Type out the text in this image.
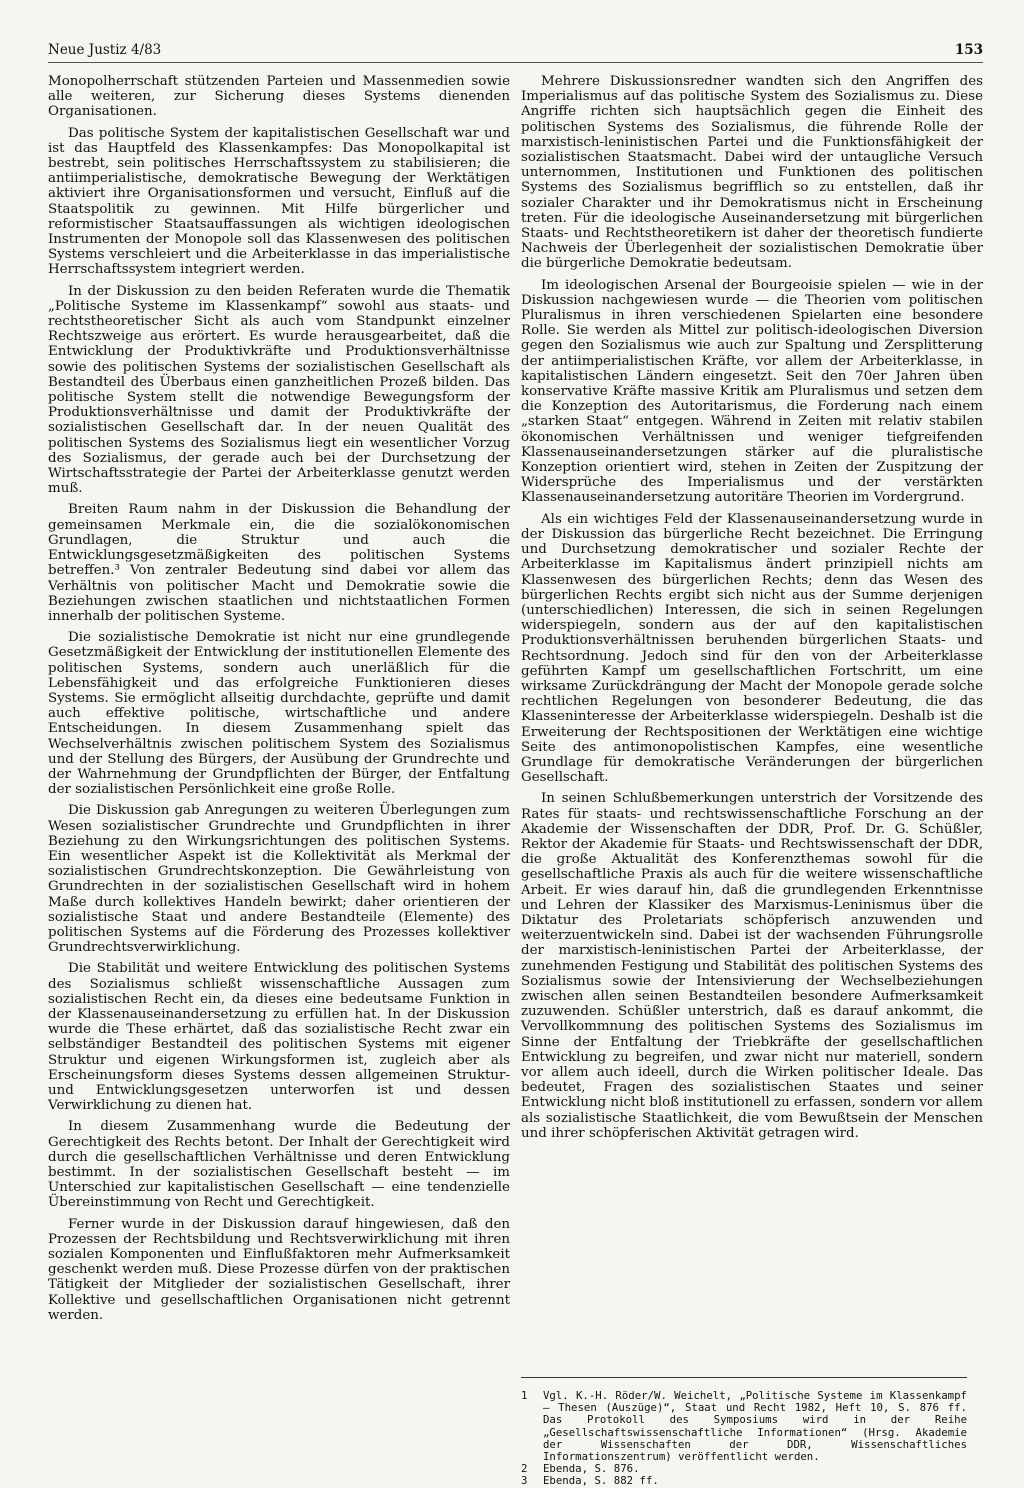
Neue Justiz 4/83	153

Monopolherrschaft stützenden Parteien und Massenmedien sowie alle weiteren, zur Sicherung dieses Systems dienenden Organisationen.

Das politische System der kapitalistischen Gesellschaft war und ist das Hauptfeld des Klassenkampfes: Das Monopolkapital ist bestrebt, sein politisches Herrschaftssystem zu stabilisieren; die antiimperialistische, demokratische Bewegung der Werktätigen aktiviert ihre Organisationsformen und versucht, Einfluß auf die Staatspolitik zu gewinnen. Mit Hilfe bürgerlicher und reformistischer Staatsauffassungen als wichtigen ideologischen Instrumenten der Monopole soll das Klassenwesen des politischen Systems verschleiert und die Arbeiterklasse in das imperialistische Herrschaftssystem integriert werden.

In der Diskussion zu den beiden Referaten wurde die Thematik „Politische Systeme im Klassenkampf“ sowohl aus staats- und rechtstheoretischer Sicht als auch vom Standpunkt einzelner Rechtszweige aus erörtert. Es wurde herausgearbeitet, daß die Entwicklung der Produktivkräfte und Produktionsverhältnisse sowie des politischen Systems der sozialistischen Gesellschaft als Bestandteil des Überbaus einen ganzheitlichen Prozeß bilden. Das politische System stellt die notwendige Bewegungsform der Produktionsverhältnisse und damit der Produktivkräfte der sozialistischen Gesellschaft dar. In der neuen Qualität des politischen Systems des Sozialismus liegt ein wesentlicher Vorzug des Sozialismus, der gerade auch bei der Durchsetzung der Wirtschaftsstrategie der Partei der Arbeiterklasse genutzt werden muß.

Breiten Raum nahm in der Diskussion die Behandlung der gemeinsamen Merkmale ein, die die sozialökonomischen Grundlagen, die Struktur und auch die Entwicklungsgesetzmäßigkeiten des politischen Systems betreffen.³ Von zentraler Bedeutung sind dabei vor allem das Verhältnis von politischer Macht und Demokratie sowie die Beziehungen zwischen staatlichen und nichtstaatlichen Formen innerhalb der politischen Systeme.

Die sozialistische Demokratie ist nicht nur eine grundlegende Gesetzmäßigkeit der Entwicklung der institutionellen Elemente des politischen Systems, sondern auch unerläßlich für die Lebensfähigkeit und das erfolgreiche Funktionieren dieses Systems. Sie ermöglicht allseitig durchdachte, geprüfte und damit auch effektive politische, wirtschaftliche und andere Entscheidungen. In diesem Zusammenhang spielt das Wechselverhältnis zwischen politischem System des Sozialismus und der Stellung des Bürgers, der Ausübung der Grundrechte und der Wahrnehmung der Grundpflichten der Bürger, der Entfaltung der sozialistischen Persönlichkeit eine große Rolle.

Die Diskussion gab Anregungen zu weiteren Überlegungen zum Wesen sozialistischer Grundrechte und Grundpflichten in ihrer Beziehung zu den Wirkungsrichtungen des politischen Systems. Ein wesentlicher Aspekt ist die Kollektivität als Merkmal der sozialistischen Grundrechtskonzeption. Die Gewährleistung von Grundrechten in der sozialistischen Gesellschaft wird in hohem Maße durch kollektives Handeln bewirkt; daher orientieren der sozialistische Staat und andere Bestandteile (Elemente) des politischen Systems auf die Förderung des Prozesses kollektiver Grundrechtsverwirklichung.

Die Stabilität und weitere Entwicklung des politischen Systems des Sozialismus schließt wissenschaftliche Aussagen zum sozialistischen Recht ein, da dieses eine bedeutsame Funktion in der Klassenauseinandersetzung zu erfüllen hat. In der Diskussion wurde die These erhärtet, daß das sozialistische Recht zwar ein selbständiger Bestandteil des politischen Systems mit eigener Struktur und eigenen Wirkungsformen ist, zugleich aber als Erscheinungsform dieses Systems dessen allgemeinen Struktur- und Entwicklungsgesetzen unterworfen ist und dessen Verwirklichung zu dienen hat.

In diesem Zusammenhang wurde die Bedeutung der Gerechtigkeit des Rechts betont. Der Inhalt der Gerechtigkeit wird durch die gesellschaftlichen Verhältnisse und deren Entwicklung bestimmt. In der sozialistischen Gesellschaft besteht — im Unterschied zur kapitalistischen Gesellschaft — eine tendenzielle Übereinstimmung von Recht und Gerechtigkeit.

Ferner wurde in der Diskussion darauf hingewiesen, daß den Prozessen der Rechtsbildung und Rechtsverwirklichung mit ihren sozialen Komponenten und Einflußfaktoren mehr Aufmerksamkeit geschenkt werden muß. Diese Prozesse dürfen von der praktischen Tätigkeit der Mitglieder der sozialistischen Gesellschaft, ihrer Kollektive und gesellschaftlichen Organisationen nicht getrennt werden.

Mehrere Diskussionsredner wandten sich den Angriffen des Imperialismus auf das politische System des Sozialismus zu. Diese Angriffe richten sich hauptsächlich gegen die Einheit des politischen Systems des Sozialismus, die führende Rolle der marxistisch-leninistischen Partei und die Funktionsfähigkeit der sozialistischen Staatsmacht. Dabei wird der untaugliche Versuch unternommen, Institutionen und Funktionen des politischen Systems des Sozialismus begrifflich so zu entstellen, daß ihr sozialer Charakter und ihr Demokratismus nicht in Erscheinung treten. Für die ideologische Auseinandersetzung mit bürgerlichen Staats- und Rechtstheoretikern ist daher der theoretisch fundierte Nachweis der Überlegenheit der sozialistischen Demokratie über die bürgerliche Demokratie bedeutsam.

Im ideologischen Arsenal der Bourgeoisie spielen — wie in der Diskussion nachgewiesen wurde — die Theorien vom politischen Pluralismus in ihren verschiedenen Spielarten eine besondere Rolle. Sie werden als Mittel zur politisch-ideologischen Diversion gegen den Sozialismus wie auch zur Spaltung und Zersplitterung der antiimperialistischen Kräfte, vor allem der Arbeiterklasse, in kapitalistischen Ländern eingesetzt. Seit den 70er Jahren üben konservative Kräfte massive Kritik am Pluralismus und setzen dem die Konzeption des Autoritarismus, die Forderung nach einem „starken Staat“ entgegen. Während in Zeiten mit relativ stabilen ökonomischen Verhältnissen und weniger tiefgreifenden Klassenauseinandersetzungen stärker auf die pluralistische Konzeption orientiert wird, stehen in Zeiten der Zuspitzung der Widersprüche des Imperialismus und der verstärkten Klassenauseinandersetzung autoritäre Theorien im Vordergrund.

Als ein wichtiges Feld der Klassenauseinandersetzung wurde in der Diskussion das bürgerliche Recht bezeichnet. Die Erringung und Durchsetzung demokratischer und sozialer Rechte der Arbeiterklasse im Kapitalismus ändert prinzipiell nichts am Klassenwesen des bürgerlichen Rechts; denn das Wesen des bürgerlichen Rechts ergibt sich nicht aus der Summe derjenigen (unterschiedlichen) Interessen, die sich in seinen Regelungen widerspiegeln, sondern aus der auf den kapitalistischen Produktionsverhältnissen beruhenden bürgerlichen Staats- und Rechtsordnung. Jedoch sind für den von der Arbeiterklasse geführten Kampf um gesellschaftlichen Fortschritt, um eine wirksame Zurückdrängung der Macht der Monopole gerade solche rechtlichen Regelungen von besonderer Bedeutung, die das Klasseninteresse der Arbeiterklasse widerspiegeln. Deshalb ist die Erweiterung der Rechtspositionen der Werktätigen eine wichtige Seite des antimonopolistischen Kampfes, eine wesentliche Grundlage für demokratische Veränderungen der bürgerlichen Gesellschaft.

In seinen Schlußbemerkungen unterstrich der Vorsitzende des Rates für staats- und rechtswissenschaftliche Forschung an der Akademie der Wissenschaften der DDR, Prof. Dr. G. Schüßler, Rektor der Akademie für Staats- und Rechtswissenschaft der DDR, die große Aktualität des Konferenzthemas sowohl für die gesellschaftliche Praxis als auch für die weitere wissenschaftliche Arbeit. Er wies darauf hin, daß die grundlegenden Erkenntnisse und Lehren der Klassiker des Marxismus-Leninismus über die Diktatur des Proletariats schöpferisch anzuwenden und weiterzuentwickeln sind. Dabei ist der wachsenden Führungsrolle der marxistisch-leninistischen Partei der Arbeiterklasse, der zunehmenden Festigung und Stabilität des politischen Systems des Sozialismus sowie der Intensivierung der Wechselbeziehungen zwischen allen seinen Bestandteilen besondere Aufmerksamkeit zuzuwenden. Schüßler unterstrich, daß es darauf ankommt, die Vervollkommnung des politischen Systems des Sozialismus im Sinne der Entfaltung der Triebkräfte der gesellschaftlichen Entwicklung zu begreifen, und zwar nicht nur materiell, sondern vor allem auch ideell, durch die Wirken politischer Ideale. Das bedeutet, Fragen des sozialistischen Staates und seiner Entwicklung nicht bloß institutionell zu erfassen, sondern vor allem als sozialistische Staatlichkeit, die vom Bewußtsein der Menschen und ihrer schöpferischen Aktivität getragen wird.

1	Vgl. K.-H. Röder/W. Weichelt, „Politische Systeme im Klassenkampf – Thesen (Auszüge)“, Staat und Recht 1982, Heft 10, S. 876 ff. Das Protokoll des Symposiums wird in der Reihe „Gesellschaftswissenschaftliche Informationen“ (Hrsg. Akademie der Wissenschaften der DDR, Wissenschaftliches Informationszentrum) veröffentlicht werden.
2	Ebenda, S. 876.
3	Ebenda, S. 882 ff.
